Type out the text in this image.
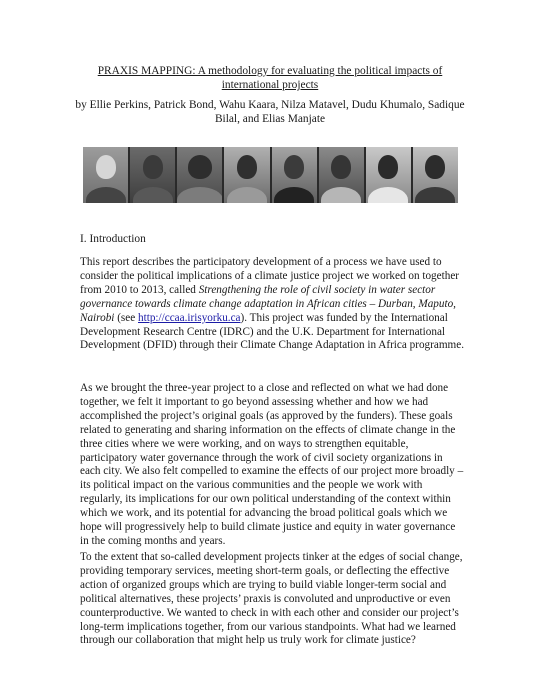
PRAXIS MAPPING: A methodology for evaluating the political impacts of
international projects
by Ellie Perkins, Patrick Bond, Wahu Kaara, Nilza Matavel, Dudu Khumalo, Sadique
Bilal, and Elias Manjate
I. Introduction

This report describes the participatory development of a process we have used to consider the political implications of a climate justice project we worked on together from 2010 to 2013, called Strengthening the role of civil society in water sector governance towards climate change adaptation in African cities – Durban, Maputo, Nairobi (see http://ccaa.irisyorku.ca). This project was funded by the International Development Research Centre (IDRC) and the U.K. Department for International Development (DFID) through their Climate Change Adaptation in Africa programme.

As we brought the three-year project to a close and reflected on what we had done together, we felt it important to go beyond assessing whether and how we had accomplished the project’s original goals (as approved by the funders). These goals related to generating and sharing information on the effects of climate change in the three cities where we were working, and on ways to strengthen equitable, participatory water governance through the work of civil society organizations in each city. We also felt compelled to examine the effects of our project more broadly – its political impact on the various communities and the people we work with regularly, its implications for our own political understanding of the context within which we work, and its potential for advancing the broad political goals which we hope will progressively help to build climate justice and equity in water governance in the coming months and years.

To the extent that so-called development projects tinker at the edges of social change, providing temporary services, meeting short-term goals, or deflecting the effective action of organized groups which are trying to build viable longer-term social and political alternatives, these projects’ praxis is convoluted and unproductive or even counterproductive. We wanted to check in with each other and consider our project’s long-term implications together, from our various standpoints. What had we learned through our collaboration that might help us truly work for climate justice?
